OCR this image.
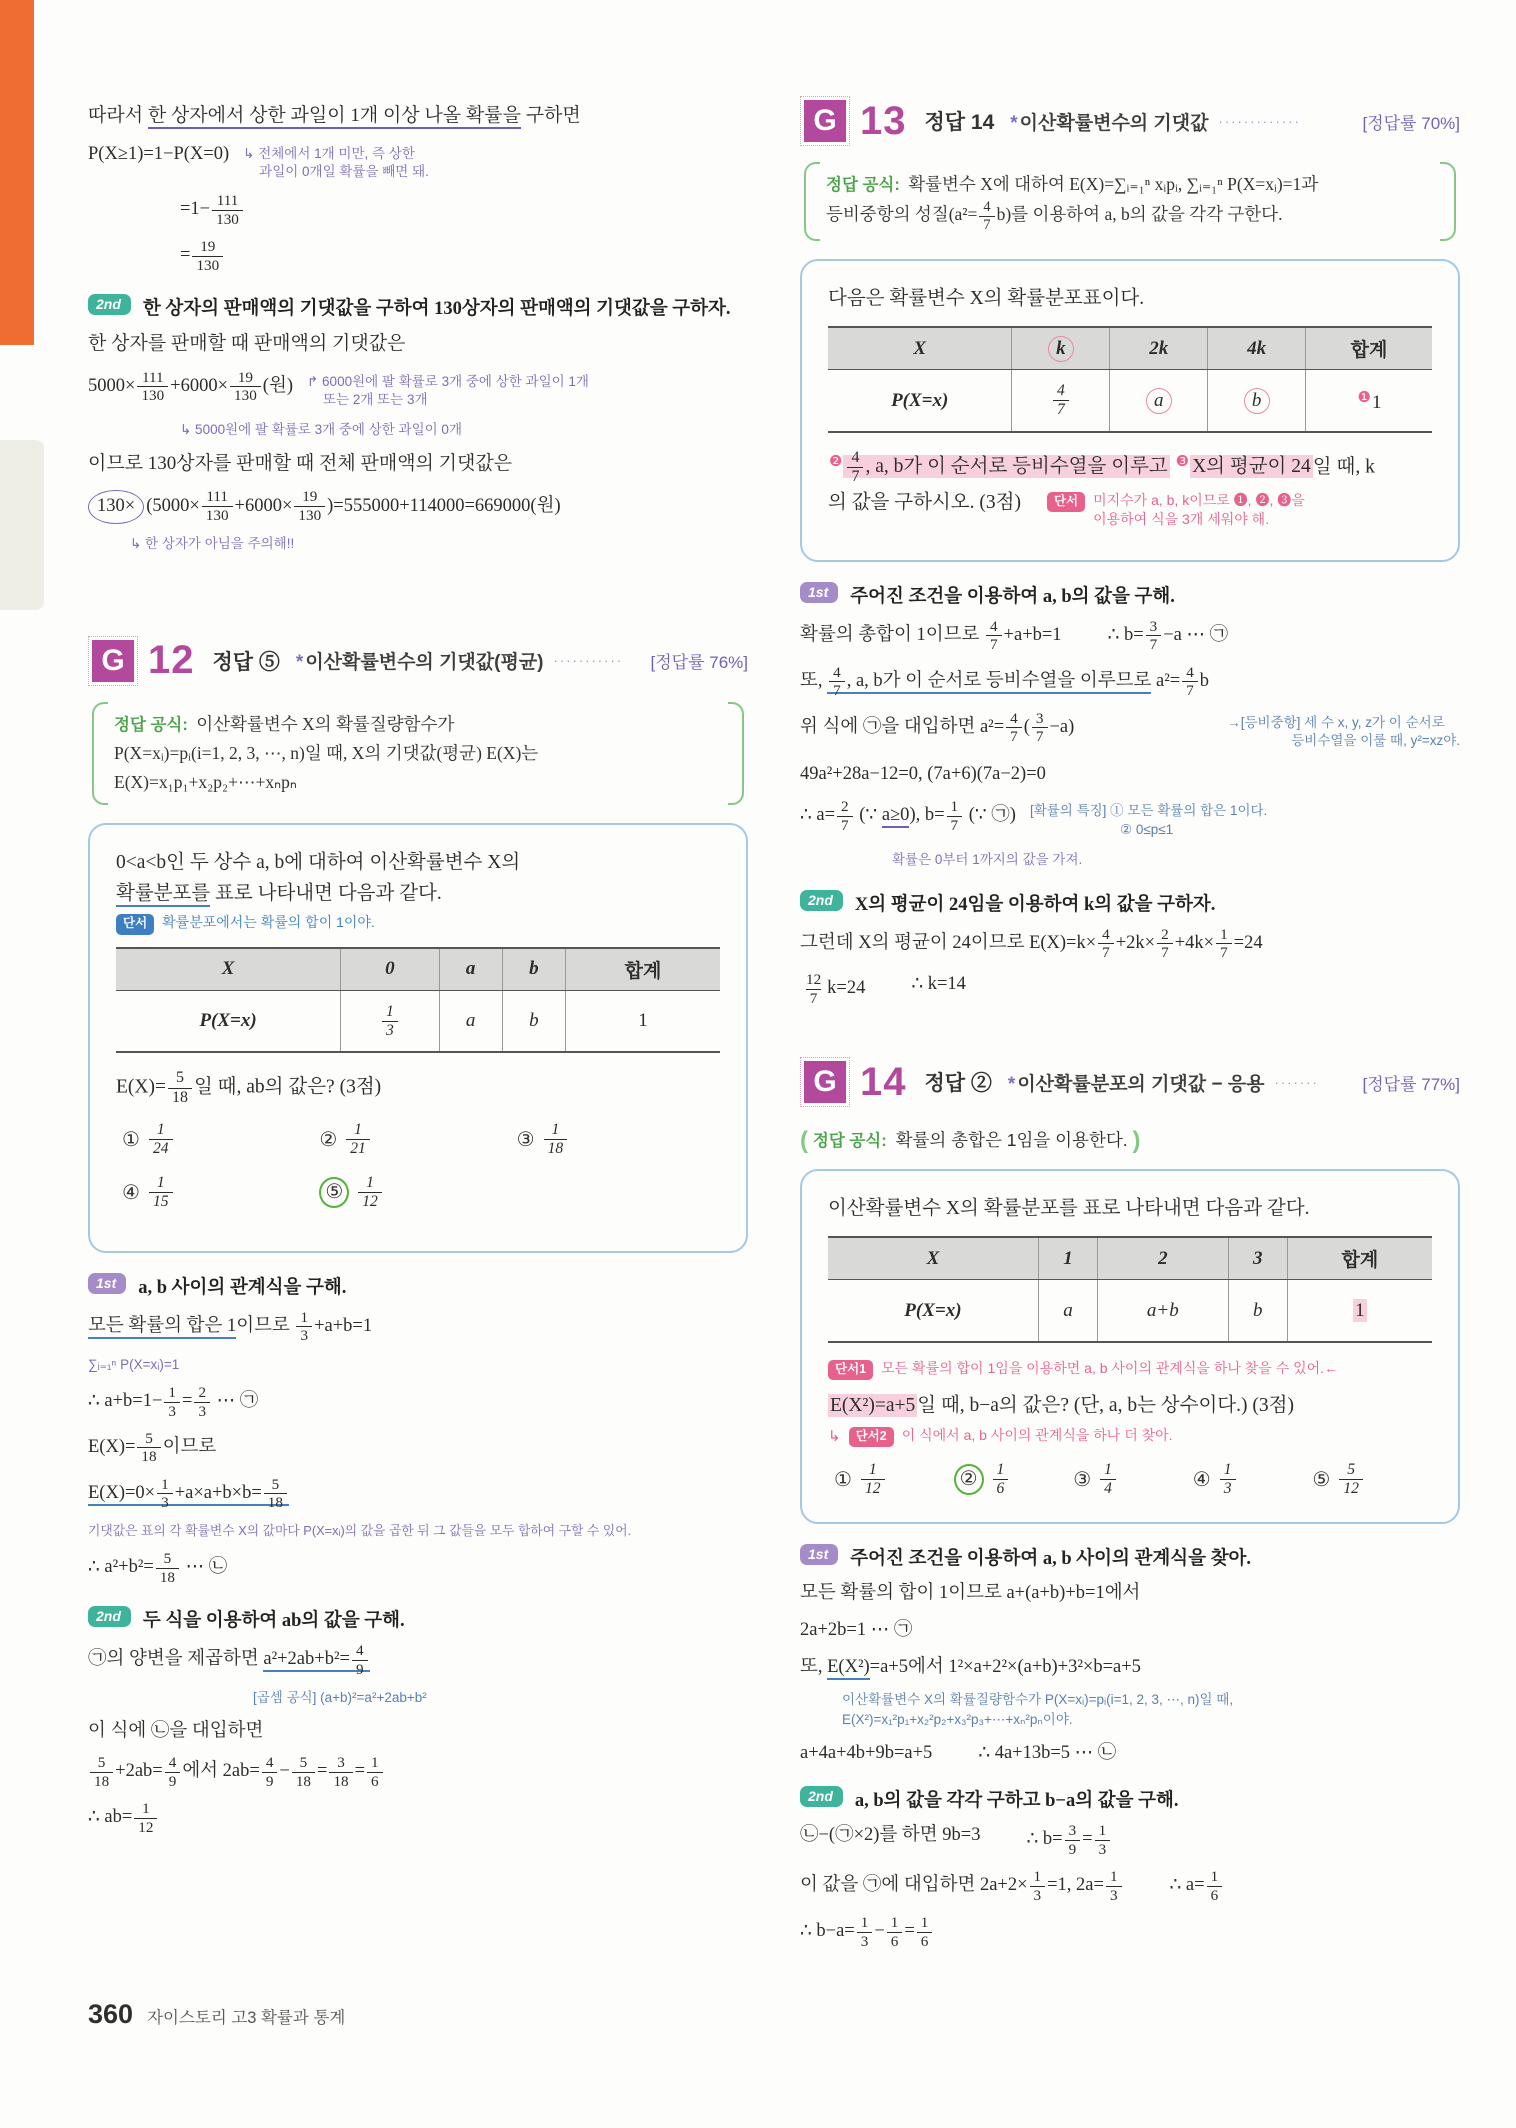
따라서 한 상자에서 상한 과일이 1개 이상 나올 확률을 구하면
P(X≥1)=1−P(X=0) ↳ 전체에서 1개 미만, 즉 상한
과일이 0개일 확률을 빼면 돼.
$=1- \frac{111}{130}$
= $\frac{19}{130}$
2nd	한 상자의 판매액의 기댓값을 구하여 130상자의 판매액의 기댓값을 구하자.
한 상자를 판매할 때 판매액의 기댓값은
$5000\times \frac{111}{130} +6000\times \frac{19}{130}$ (원) ↱ 6000원에 팔 확률로 3개 중에 상한 과일이 1개
또는 2개 또는 3개
↳ 5000원에 팔 확률로 3개 중에 상한 과일이 0개
이므로 130상자를 판매할 때 전체 판매액의 기댓값은
$130\times (5000\times \frac{111}{130} +6000\times \frac{19}{130} )=555000+114000=669000$(원)
↳ 한 상자가 아님을 주의해!!
G 12 정답 ⑤ * 이산확률변수의 기댓값(평균) ···········	[정답률 76%]
정답 공식: 이산확률변수 X의 확률질량함수가
P(X=xᵢ)=pᵢ(i=1, 2, 3, ⋯, n)일 때, X의 기댓값(평균) E(X)는
E(X)=x₁p₁+x₂p₂+⋯+xₙpₙ

0<a<b인 두 상수 a, b에 대하여 이산확률변수 X의

확률분포를 표로 나타내면 다음과 같다.

단서	확률분포에서는 확률의 합이 1이야.
X	0	a	b	합계
P(X=x)	$\frac{1}{3}$	a	b	1

$E(X)= \frac{5}{18}$ 일 때, ab의 값은? (3점)

① $\frac{1}{24}$	② $\frac{1}{21}$	③ $\frac{1}{18}$
④ $\frac{1}{15}$	⑤ $\frac{1}{12}$
1st	a, b 사이의 관계식을 구해.
모든 확률의 합은 1이므로 $\frac{1}{3} +a+b=1$
∑ᵢ₌₁ⁿ P(X=xᵢ)=1
∴ $a+b=1- \frac{1}{3} = \frac{2}{3}$ ⋯ ㉠
$E(X)= \frac{5}{18}$ 이므로
$E(X)=0\times \frac{1}{3} +a\times a+b\times b= \frac{5}{18}$
기댓값은 표의 각 확률변수 X의 값마다 P(X=xᵢ)의 값을 곱한 뒤 그 값들을 모두 합하여 구할 수 있어.
∴ $a^2+b^2= \frac{5}{18}$ ⋯ ㉡
2nd	두 식을 이용하여 ab의 값을 구해.
㉠의 양변을 제곱하면 $a^2+2ab+b^2= \frac{4}{9}$
[곱셈 공식] (a+b)²=a²+2ab+b²
이 식에 ㉡을 대입하면
$\frac{5}{18} +2ab= \frac{4}{9}$ 에서 $2ab= \frac{4}{9} - \frac{5}{18} = \frac{3}{18} = \frac{1}{6}$
∴ $ab= \frac{1}{12}$
G 13 정답 14 * 이산확률변수의 기댓값 ·············	[정답률 70%]
정답 공식: 확률변수 X에 대하여 E(X)=∑ᵢ₌₁ⁿ xᵢpᵢ, ∑ᵢ₌₁ⁿ P(X=xᵢ)=1과
등비중항의 성질$(a^2= \frac{4}{7} b)$를 이용하여 a, b의 값을 각각 구한다.

다음은 확률변수 X의 확률분포표이다.

X	k	2k	4k	합계
P(X=x)	$\frac{4}{7}$	a	b	$^❶$1

$^❷ \frac{4}{7}$ , a, b가 이 순서로 등비수열을 이루고 $^❸$ X의 평균이 24 일 때, k

의 값을 구하시오. (3점)	단서	미지수가 a, b, k이므로 ❶, ❷, ❸을
이용하여 식을 3개 세워야 해.
1st	주어진 조건을 이용하여 a, b의 값을 구해.
확률의 총합이 1이므로 $\frac{4}{7} +a+b=1$ ∴ $b= \frac{3}{7} -a$ ⋯ ㉠
또, $\frac{4}{7}$ , a, b가 이 순서로 등비수열을 이루므로 $a^2= \frac{4}{7}$ b
위 식에 ㉠을 대입하면 $a^2= \frac{4}{7}$ ( $\frac{3}{7} -a$)	→[등비중항] 세 수 x, y, z가 이 순서로
등비수열을 이룰 때, y²=xz야.
49a²+28a−12=0, (7a+6)(7a−2)=0
∴ $a= \frac{2}{7}$ (∵ a≥0), $b= \frac{1}{7}$ (∵ ㉠) [확률의 특징] ① 모든 확률의 합은 1이다.
② 0≤p≤1
확률은 0부터 1까지의 값을 가져.
2nd	X의 평균이 24임을 이용하여 k의 값을 구하자.
그런데 X의 평균이 24이므로 $E(X)=k\times \frac{4}{7} +2k\times \frac{2}{7} +4k\times \frac{1}{7} =24$
$\frac{12}{7} k=24$ ∴ k=14
G 14 정답 ② * 이산확률분포의 기댓값 − 응용 ·······	[정답률 77%]
( 정답 공식: 확률의 총합은 1임을 이용한다. )

이산확률변수 X의 확률분포를 표로 나타내면 다음과 같다.

X	1	2	3	합계
P(X=x)	a	a+b	b	1
단서1	모든 확률의 합이 1임을 이용하면 a, b 사이의 관계식을 하나 찾을 수 있어.←

E(X²)=a+5 일 때, b−a의 값은? (단, a, b는 상수이다.) (3점)

↳	단서2	이 식에서 a, b 사이의 관계식을 하나 더 찾아.
① $\frac{1}{12}$	② $\frac{1}{6}$	③ $\frac{1}{4}$	④ $\frac{1}{3}$	⑤ $\frac{5}{12}$
1st	주어진 조건을 이용하여 a, b 사이의 관계식을 찾아.
모든 확률의 합이 1이므로 a+(a+b)+b=1에서
2a+2b=1 ⋯ ㉠
또, E(X²)=a+5에서 1²×a+2²×(a+b)+3²×b=a+5
이산확률변수 X의 확률질량함수가 P(X=xᵢ)=pᵢ(i=1, 2, 3, ⋯, n)일 때,
E(X²)=x₁²p₁+x₂²p₂+x₃²p₃+⋯+xₙ²pₙ이야.
a+4a+4b+9b=a+5 ∴ 4a+13b=5 ⋯ ㉡
2nd	a, b의 값을 각각 구하고 b−a의 값을 구해.
㉡−(㉠×2)를 하면 9b=3 ∴ $b= \frac{3}{9} = \frac{1}{3}$
이 값을 ㉠에 대입하면 $2a+2\times \frac{1}{3} =1$, $2a= \frac{1}{3}$	∴ $a= \frac{1}{6}$
∴ $b-a= \frac{1}{3} - \frac{1}{6} = \frac{1}{6}$
360 자이스토리 고3 확률과 통계
